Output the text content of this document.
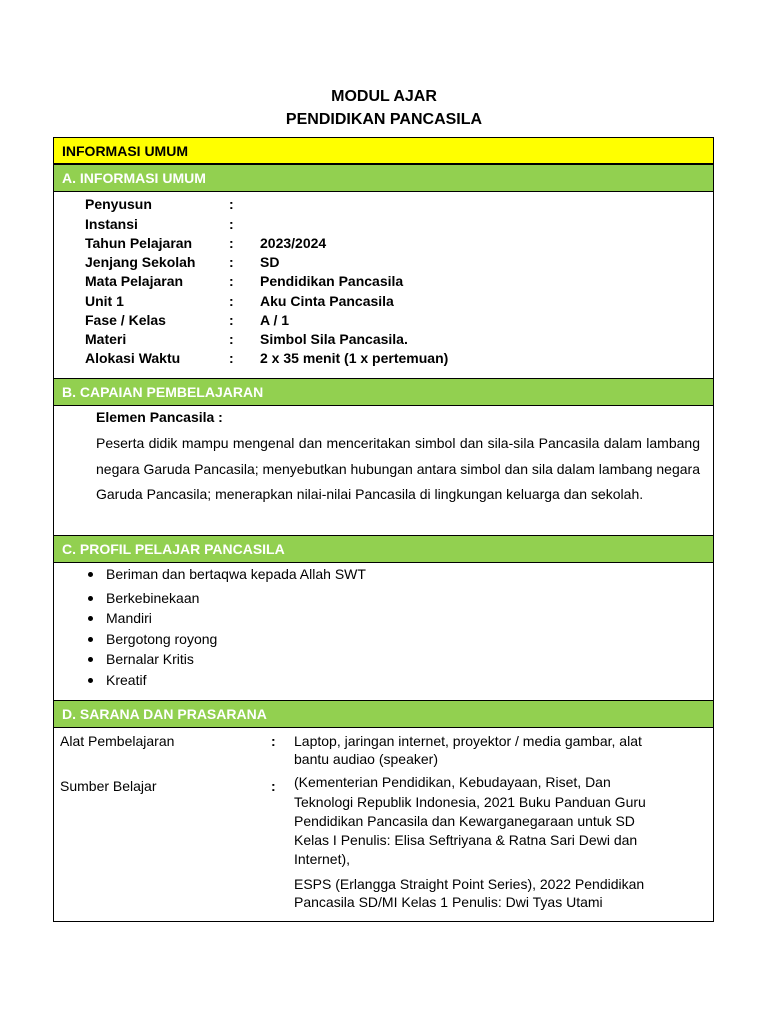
MODUL AJAR
PENDIDIKAN PANCASILA
INFORMASI UMUM
A. INFORMASI UMUM
Penyusun	:
Instansi	:
Tahun Pelajaran	: 2023/2024
Jenjang Sekolah : SD
Mata Pelajaran	: Pendidikan Pancasila
Unit 1	: Aku Cinta Pancasila
Fase / Kelas	: A / 1
Materi	: Simbol Sila Pancasila.
Alokasi Waktu	: 2 x 35 menit (1 x pertemuan)
B. CAPAIAN PEMBELAJARAN
Elemen Pancasila :
Peserta didik mampu mengenal dan menceritakan simbol dan sila-sila Pancasila dalam lambang negara Garuda Pancasila; menyebutkan hubungan antara simbol dan sila dalam lambang negara Garuda Pancasila; menerapkan nilai-nilai Pancasila di lingkungan keluarga dan sekolah.
C. PROFIL PELAJAR PANCASILA
Beriman dan bertaqwa kepada Allah SWT
Berkebinekaan
Mandiri
Bergotong royong
Bernalar Kritis
Kreatif
D. SARANA DAN PRASARANA
Alat Pembelajaran	: Laptop, jaringan internet, proyektor / media gambar, alat
bantu audiao (speaker)
Sumber Belajar	: (Kementerian Pendidikan, Kebudayaan, Riset, Dan
Teknologi Republik Indonesia, 2021 Buku Panduan Guru
Pendidikan Pancasila dan Kewarganegaraan untuk SD
Kelas I Penulis: Elisa Seftriyana & Ratna Sari Dewi dan
Internet),
ESPS (Erlangga Straight Point Series), 2022 Pendidikan
Pancasila SD/MI Kelas 1 Penulis: Dwi Tyas Utami
